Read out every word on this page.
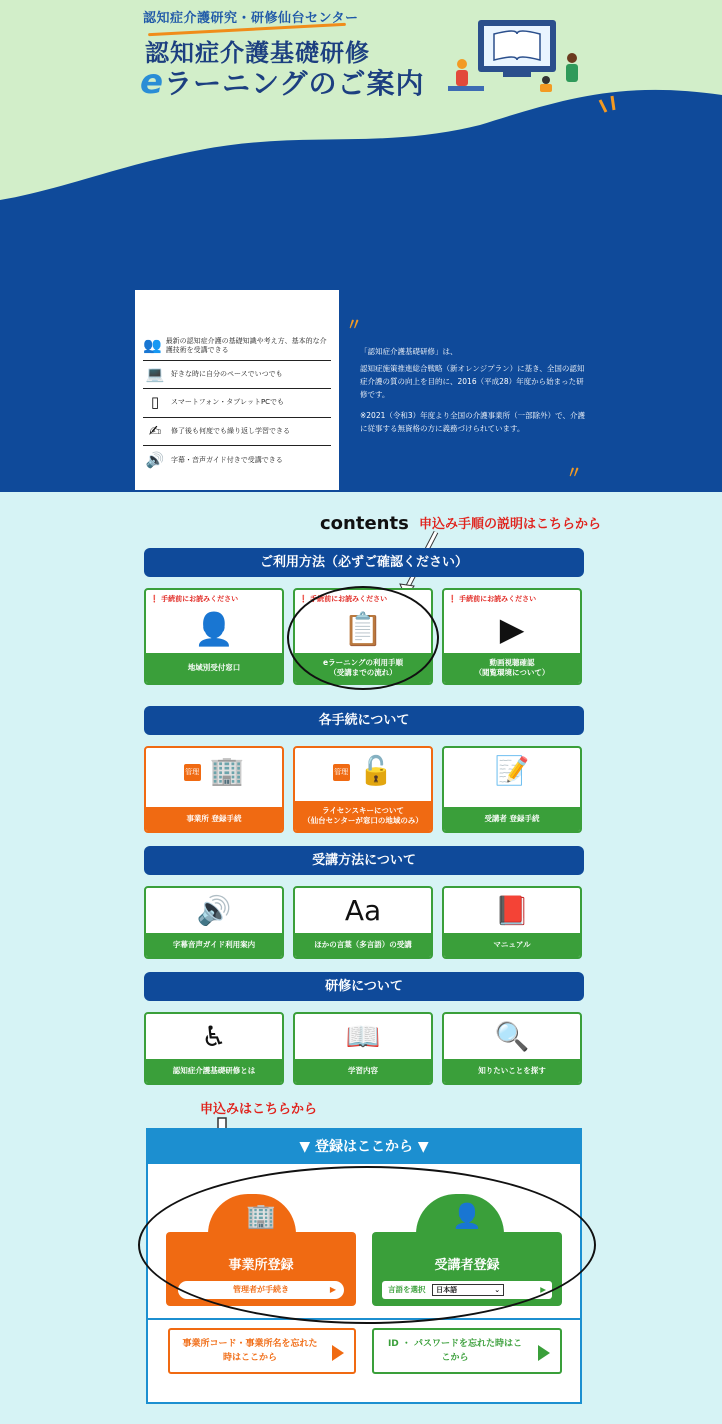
認知症介護研究・研修仙台センター
認知症介護基礎研修
eラーニングのご案内
👥 最新の認知症介護の基礎知識や考え方、基本的な介護技術を受講できる
💻 好きな時に自分のペースでいつでも
▯	スマートフォン・タブレットPCでも
✍	修了後も何度でも繰り返し学習できる
🔊 字幕・音声ガイド付きで受講できる
〃

「認知症介護基礎研修」は、

認知症施策推進総合戦略（新オレンジプラン）に基き、全国の認知症介護の質の向上を目的に、2016（平成28）年度から始まった研修です。

※2021（令和3）年度より全国の介護事業所（一部除外）で、介護に従事する無資格の方に義務づけられています。

〃
contents 申込み手順の説明はこちらから
ご利用方法（必ずご確認ください）
❗ 手続前にお読みください
👤
地域別受付窓口
❗ 手続前にお読みください
📋
eラーニングの利用手順
（受講までの流れ）
❗ 手続前にお読みください
▶
動画視聴確認
（閲覧環境について）
各手続について
管理者 🏢
事業所 登録手続
管理者 🔓
ライセンスキーについて
（仙台センターが窓口の地域のみ）
📝
受講者 登録手続
受講方法について
🔊
字幕音声ガイド利用案内
Aa
ほかの言葉（多言語）の受講
📕
マニュアル
研修について
♿
認知症介護基礎研修とは
📖
学習内容
🔍
知りたいことを探す
申込みはこちらから
▼ 登録はここから ▼
🏢
事業所登録
管理者が手続き	▶
👤
受講者登録
言語を選択 日本語	⌄	▶
事業所コード・事業所名を忘れた時はここから
ID ・ パスワードを忘れた時はここから
